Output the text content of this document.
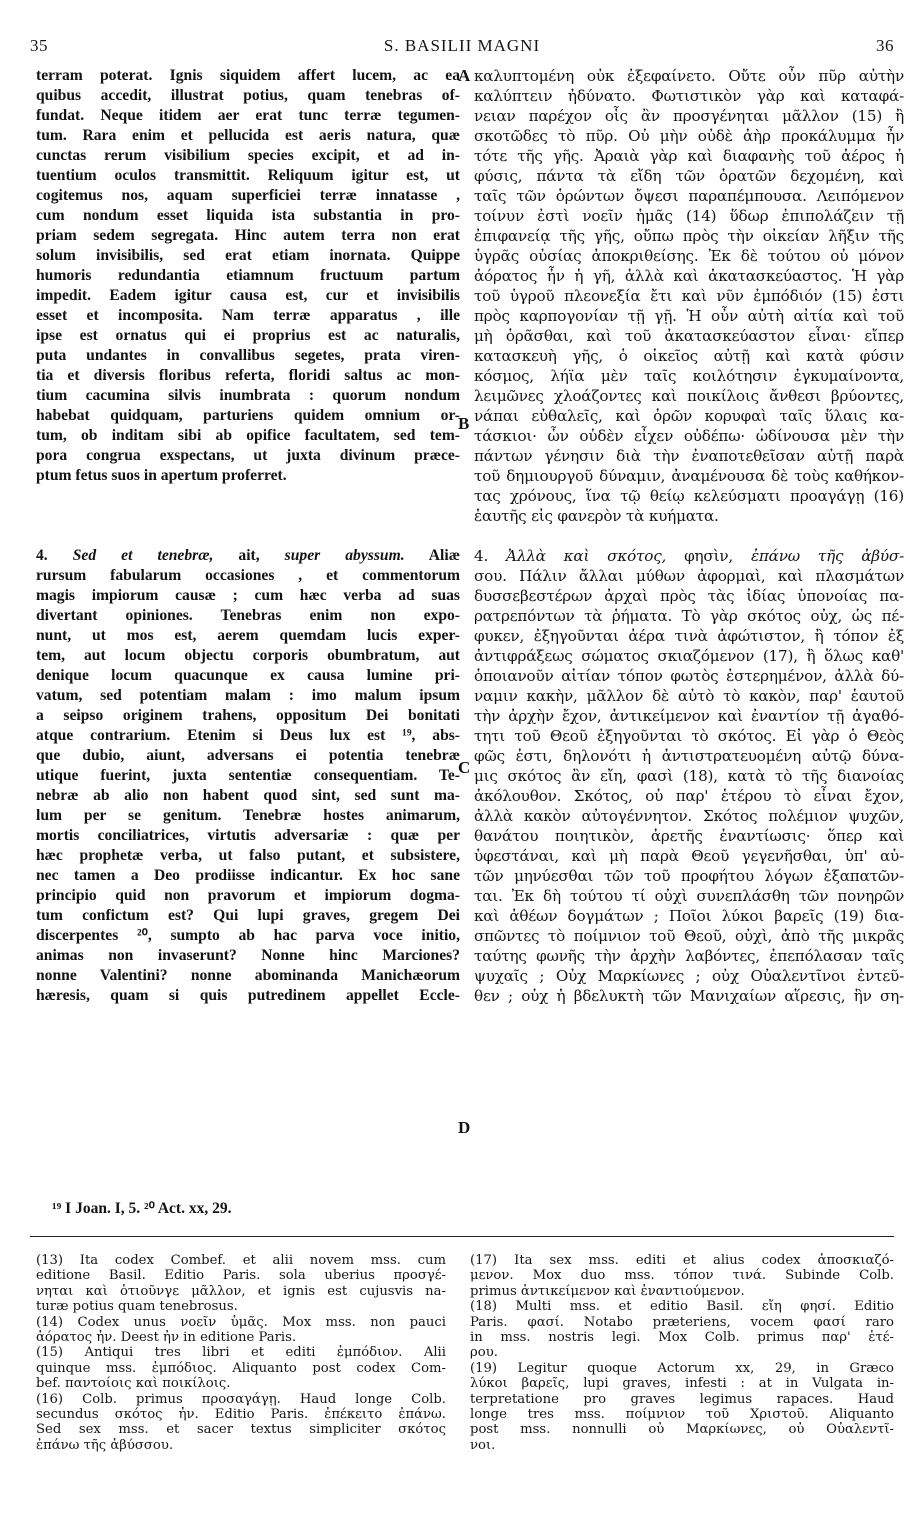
35	S. BASILII MAGNI	36
terram poterat. Ignis siquidem affert lucem, ac ea
quibus accedit, illustrat potius, quam tenebras of-
fundat. Neque itidem aer erat tunc terræ tegumen-
tum. Rara enim et pellucida est aeris natura, quæ
cunctas rerum visibilium species excipit, et ad in-
tuentium oculos transmittit. Reliquum igitur est, ut
cogitemus nos, aquam superficiei terræ innatasse ,
cum nondum esset liquida ista substantia in pro-
priam sedem segregata. Hinc autem terra non erat
solum invisibilis, sed erat etiam inornata. Quippe
humoris redundantia etiamnum fructuum partum
impedit. Eadem igitur causa est, cur et invisibilis
esset et incomposita. Nam terræ apparatus , ille
ipse est ornatus qui ei proprius est ac naturalis,
puta undantes in convallibus segetes, prata viren-
tia et diversis floribus referta, floridi saltus ac mon-
tium cacumina silvis inumbrata : quorum nondum
habebat quidquam, parturiens quidem omnium or-
tum, ob inditam sibi ab opifice facultatem, sed tem-
pora congrua exspectans, ut juxta divinum præce-
ptum fetus suos in apertum proferret.
4. Sed et tenebræ, ait, super abyssum. Aliæ
rursum fabularum occasiones , et commentorum
magis impiorum causæ ; cum hæc verba ad suas
divertant opiniones. Tenebras enim non expo-
nunt, ut mos est, aerem quemdam lucis exper-
tem, aut locum objectu corporis obumbratum, aut
denique locum quacunque ex causa lumine pri-
vatum, sed potentiam malam : imo malum ipsum
a seipso originem trahens, oppositum Dei bonitati
atque contrarium. Etenim si Deus lux est ¹⁹, abs-
que dubio, aiunt, adversans ei potentia tenebræ
utique fuerint, juxta sententiæ consequentiam. Te-
nebræ ab alio non habent quod sint, sed sunt ma-
lum per se genitum. Tenebræ hostes animarum,
mortis conciliatrices, virtutis adversariæ : quæ per
hæc prophetæ verba, ut falso putant, et subsistere,
nec tamen a Deo prodiisse indicantur. Ex hoc sane
principio quid non pravorum et impiorum dogma-
tum confictum est? Qui lupi graves, gregem Dei
discerpentes ²⁰, sumpto ab hac parva voce initio,
animas non invaserunt? Nonne hinc Marciones?
nonne Valentini? nonne abominanda Manichæorum
hæresis, quam si quis putredinem appellet Eccle-
καλυπτομένη οὐκ ἐξεφαίνετο. Οὔτε οὖν πῦρ αὐτὴν
καλύπτειν ἠδύνατο. Φωτιστικὸν γὰρ καὶ καταφά-
νειαν παρέχον οἷς ἂν προσγένηται μᾶλλον (15) ἢ
σκοτῶδες τὸ πῦρ. Οὐ μὴν οὐδὲ ἀὴρ προκάλυμμα ἦν
τότε τῆς γῆς. Ἀραιὰ γὰρ καὶ διαφανὴς τοῦ ἀέρος ἡ
φύσις, πάντα τὰ εἴδη τῶν ὁρατῶν δεχομένη, καὶ
ταῖς τῶν ὁρώντων ὄψεσι παραπέμπουσα. Λειπόμενον
τοίνυν ἐστὶ νοεῖν ἡμᾶς (14) ὕδωρ ἐπιπολάζειν τῇ
ἐπιφανείᾳ τῆς γῆς, οὔπω πρὸς τὴν οἰκείαν λῆξιν τῆς
ὑγρᾶς οὐσίας ἀποκριθείσης. Ἐκ δὲ τούτου οὐ μόνον
ἀόρατος ἦν ἡ γῆ, ἀλλὰ καὶ ἀκατασκεύαστος. Ἡ γὰρ
τοῦ ὑγροῦ πλεονεξία ἔτι καὶ νῦν ἐμπόδιόν (15) ἐστι
πρὸς καρπογονίαν τῇ γῇ. Ἡ οὖν αὐτὴ αἰτία καὶ τοῦ
μὴ ὁρᾶσθαι, καὶ τοῦ ἀκατασκεύαστον εἶναι· εἴπερ
κατασκευὴ γῆς, ὁ οἰκεῖος αὐτῇ καὶ κατὰ φύσιν
κόσμος, λήϊα μὲν ταῖς κοιλότησιν ἐγκυμαίνοντα,
λειμῶνες χλοάζοντες καὶ ποικίλοις ἄνθεσι βρύοντες,
νάπαι εὐθαλεῖς, καὶ ὀρῶν κορυφαὶ ταῖς ὕλαις κα-
τάσκιοι· ὧν οὐδὲν εἶχεν οὐδέπω· ὠδίνουσα μὲν τὴν
πάντων γένησιν διὰ τὴν ἐναποτεθεῖσαν αὐτῇ παρὰ
τοῦ δημιουργοῦ δύναμιν, ἀναμένουσα δὲ τοὺς καθήκον-
τας χρόνους, ἵνα τῷ θείῳ κελεύσματι προαγάγῃ (16)
ἑαυτῆς εἰς φανερὸν τὰ κυήματα.
4. Ἀλλὰ καὶ σκότος, φησὶν, ἐπάνω τῆς ἀβύσ-
σου. Πάλιν ἄλλαι μύθων ἀφορμαὶ, καὶ πλασμάτων
δυσσεβεστέρων ἀρχαὶ πρὸς τὰς ἰδίας ὑπονοίας πα-
ρατρεπόντων τὰ ῥήματα. Τὸ γὰρ σκότος οὐχ, ὡς πέ-
φυκεν, ἐξηγοῦνται ἀέρα τινὰ ἀφώτιστον, ἢ τόπον ἐξ
ἀντιφράξεως σώματος σκιαζόμενον (17), ἢ ὅλως καθ'
ὁποιανοῦν αἰτίαν τόπον φωτὸς ἐστερημένον, ἀλλὰ δύ-
ναμιν κακὴν, μᾶλλον δὲ αὐτὸ τὸ κακὸν, παρ' ἑαυτοῦ
τὴν ἀρχὴν ἔχον, ἀντικείμενον καὶ ἐναντίον τῇ ἀγαθό-
τητι τοῦ Θεοῦ ἐξηγοῦνται τὸ σκότος. Εἰ γὰρ ὁ Θεὸς
φῶς ἐστι, δηλονότι ἡ ἀντιστρατευομένη αὐτῷ δύνα-
μις σκότος ἂν εἴη, φασὶ (18), κατὰ τὸ τῆς διανοίας
ἀκόλουθον. Σκότος, οὐ παρ' ἑτέρου τὸ εἶναι ἔχον,
ἀλλὰ κακὸν αὐτογέννητον. Σκότος πολέμιον ψυχῶν,
θανάτου ποιητικὸν, ἀρετῆς ἐναντίωσις· ὅπερ καὶ
ὑφεστάναι, καὶ μὴ παρὰ Θεοῦ γεγενῆσθαι, ὑπ' αὐ-
τῶν μηνύεσθαι τῶν τοῦ προφήτου λόγων ἐξαπατῶν-
ται. Ἐκ δὴ τούτου τί οὐχὶ συνεπλάσθη τῶν πονηρῶν
καὶ ἀθέων δογμάτων ; Ποῖοι λύκοι βαρεῖς (19) δια-
σπῶντες τὸ ποίμνιον τοῦ Θεοῦ, οὐχὶ, ἀπὸ τῆς μικρᾶς
ταύτης φωνῆς τὴν ἀρχὴν λαβόντες, ἐπεπόλασαν ταῖς
ψυχαῖς ; Οὐχ Μαρκίωνες ; οὐχ Οὐαλεντῖνοι ἐντεῦ-
θεν ; οὐχ ἡ βδελυκτὴ τῶν Μανιχαίων αἵρεσις, ἣν ση-
A
B
C
D
¹⁹ I Joan. I, 5. ²⁰ Act. xx, 29.
(13) Ita codex Combef. et alii novem mss. cum
editione Basil. Editio Paris. sola uberius προσγέ-
νηται καὶ ὁτιοῦνγε μᾶλλον, et ignis est cujusvis na-
turæ potius quam tenebrosus.
(14) Codex unus νοεῖν ὑμᾶς. Mox mss. non pauci
ἀόρατος ἦν. Deest ἦν in editione Paris.
(15) Antiqui tres libri et editi ἐμπόδιον. Alii
quinque mss. ἐμπόδιος. Aliquanto post codex Com-
bef. παντοίοις καὶ ποικίλοις.
(16) Colb. primus προσαγάγῃ. Haud longe Colb.
secundus σκότος ἦν. Editio Paris. ἐπέκειτο ἐπάνω.
Sed sex mss. et sacer textus simpliciter σκότος
ἐπάνω τῆς ἀβύσσου.
(17) Ita sex mss. editi et alius codex ἀποσκιαζό-
μενον. Mox duo mss. τόπον τινά. Subinde Colb.
primus ἀντικείμενον καὶ ἐναντιούμενον.
(18) Multi mss. et editio Basil. εἴη φησί. Editio
Paris. φασί. Notabo præteriens, vocem φασί raro
in mss. nostris legi. Mox Colb. primus παρ' ἑτέ-
ρου.
(19) Legitur quoque Actorum xx, 29, in Græco
λύκοι βαρεῖς, lupi graves, infesti : at in Vulgata in-
terpretatione pro graves legimus rapaces. Haud
longe tres mss. ποίμνιον τοῦ Χριστοῦ. Aliquanto
post mss. nonnulli οὐ Μαρκίωνες, οὐ Οὐαλεντῖ-
νοι.
